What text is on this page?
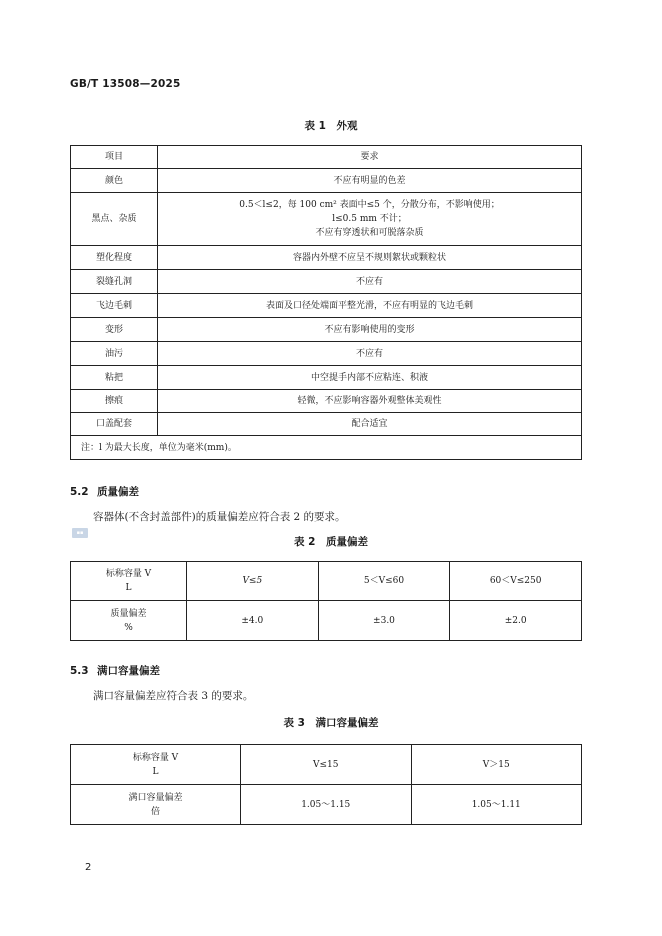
GB/T 13508—2025
表 1　外观
项目	要求
颜色	不应有明显的色差
黑点、杂质	0.5＜l≤2，每 100 cm² 表面中≤5 个，分散分布，不影响使用；
l≤0.5 mm 不计；
不应有穿透状和可脱落杂质

塑化程度	容器内外壁不应呈不规则絮状或颗粒状
裂缝孔洞	不应有
飞边毛刺	表面及口径处端面平整光滑，不应有明显的飞边毛刺
变形	不应有影响使用的变形
油污	不应有
粘把	中空提手内部不应粘连、积液
擦痕	轻微，不应影响容器外观整体美观性
口盖配套	配合适宜
注：l 为最大长度，单位为毫米(mm)。	
5.2 质量偏差
容器体(不含封盖部件)的质量偏差应符合表 2 的要求。
▪▪
表 2　质量偏差
标称容量 V
L	V≤5	5＜V≤60	60＜V≤250

质量偏差
%	±4.0	±3.0	±2.0
5.3 满口容量偏差
满口容量偏差应符合表 3 的要求。
表 3　满口容量偏差
标称容量 V
L	V≤15	V＞15

满口容量偏差
倍	1.05～1.15	1.05～1.11
2
